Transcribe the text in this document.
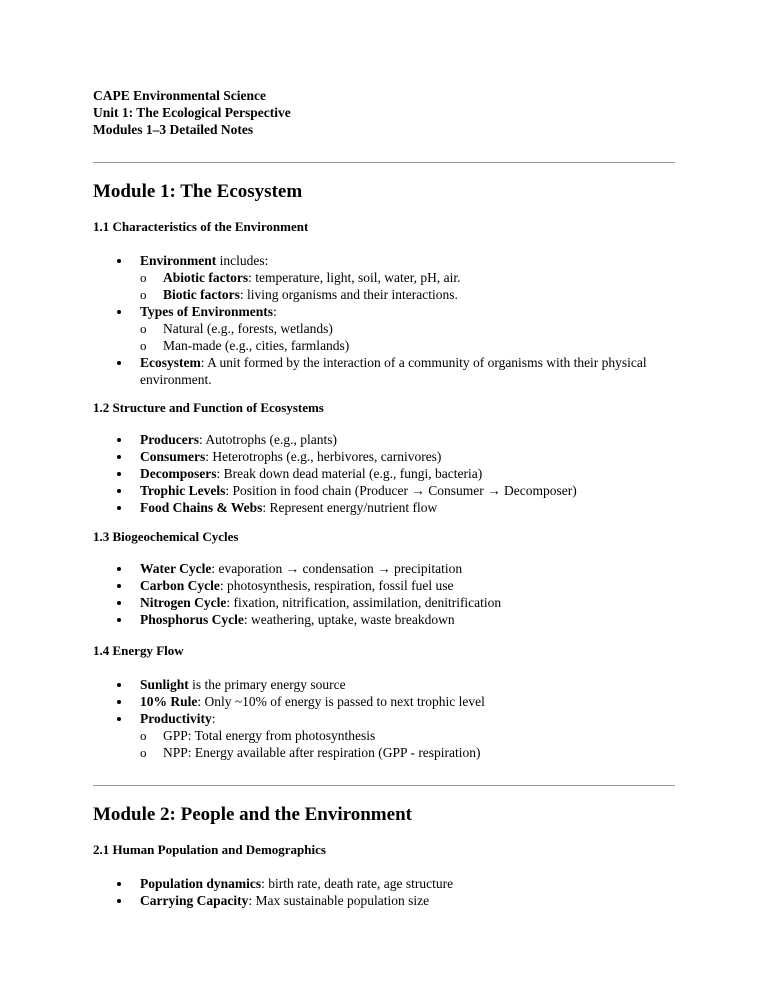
CAPE Environmental Science
Unit 1: The Ecological Perspective
Modules 1–3 Detailed Notes
Module 1: The Ecosystem
1.1 Characteristics of the Environment
Environment includes:
o Abiotic factors: temperature, light, soil, water, pH, air.
o Biotic factors: living organisms and their interactions.
Types of Environments:
o Natural (e.g., forests, wetlands)
o Man-made (e.g., cities, farmlands)
Ecosystem: A unit formed by the interaction of a community of organisms with their physical environment.
1.2 Structure and Function of Ecosystems
Producers: Autotrophs (e.g., plants)
Consumers: Heterotrophs (e.g., herbivores, carnivores)
Decomposers: Break down dead material (e.g., fungi, bacteria)
Trophic Levels: Position in food chain (Producer → Consumer → Decomposer)
Food Chains & Webs: Represent energy/nutrient flow
1.3 Biogeochemical Cycles
Water Cycle: evaporation → condensation → precipitation
Carbon Cycle: photosynthesis, respiration, fossil fuel use
Nitrogen Cycle: fixation, nitrification, assimilation, denitrification
Phosphorus Cycle: weathering, uptake, waste breakdown
1.4 Energy Flow
Sunlight is the primary energy source
10% Rule: Only ~10% of energy is passed to next trophic level
Productivity:
o GPP: Total energy from photosynthesis
o NPP: Energy available after respiration (GPP - respiration)
Module 2: People and the Environment
2.1 Human Population and Demographics
Population dynamics: birth rate, death rate, age structure
Carrying Capacity: Max sustainable population size
